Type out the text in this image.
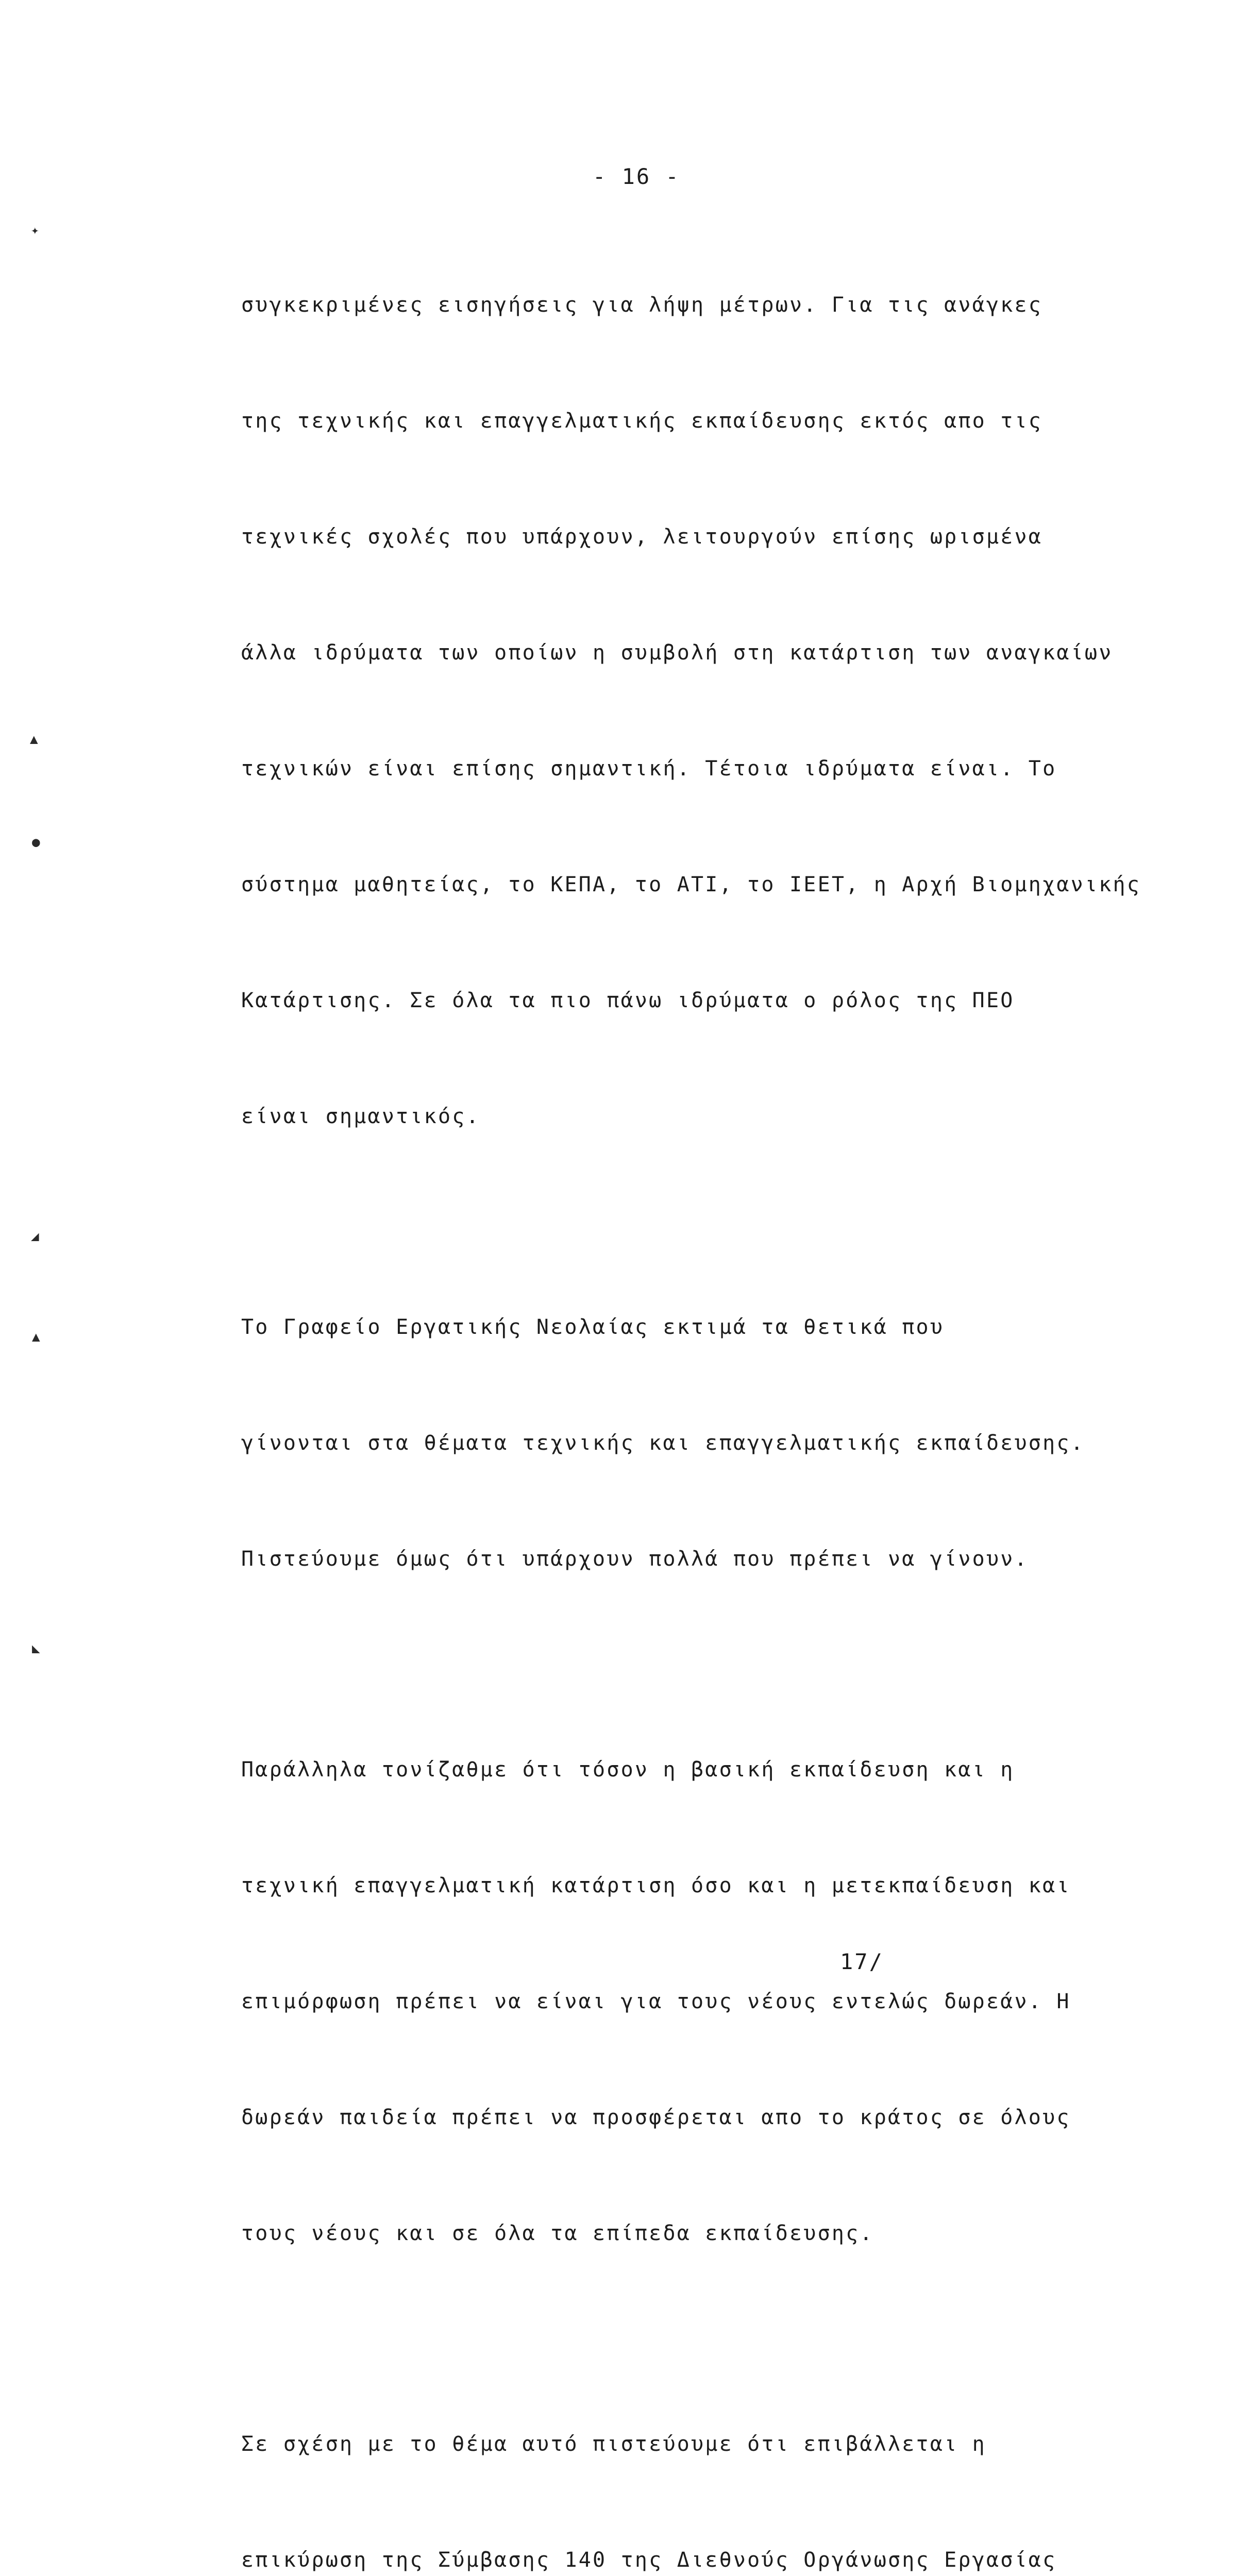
- 16 -
✦
▲
●
◢
▲
◣

συγκεκριμένες εισηγήσεις για λήψη μέτρων. Για τις ανάγκες

της τεχνικής και επαγγελματικής εκπαίδευσης εκτός απο τις

τεχνικές σχολές που υπάρχουν, λειτουργούν επίσης ωρισμένα

άλλα ιδρύματα των οποίων η συμβολή στη κατάρτιση των αναγκαίων

τεχνικών είναι επίσης σημαντική. Τέτοια ιδρύματα είναι. Το

σύστημα μαθητείας, το ΚΕΠΑ, το ΑΤΙ, το ΙΕΕΤ, η Αρχή Βιομηχανικής

Κατάρτισης. Σε όλα τα πιο πάνω ιδρύματα ο ρόλος της ΠΕΟ

είναι σημαντικός.

Το Γραφείο Εργατικής Νεολαίας εκτιμά τα θετικά που

γίνονται στα θέματα τεχνικής και επαγγελματικής εκπαίδευσης.

Πιστεύουμε όμως ότι υπάρχουν πολλά που πρέπει να γίνουν.

Παράλληλα τονίζαθμε ότι τόσον η βασική εκπαίδευση και η

τεχνική επαγγελματική κατάρτιση όσο και η μετεκπαίδευση και

επιμόρφωση πρέπει να είναι για τους νέους εντελώς δωρεάν. Η

δωρεάν παιδεία πρέπει να προσφέρεται απο το κράτος σε όλους

τους νέους και σε όλα τα επίπεδα εκπαίδευσης.

Σε σχέση με το θέμα αυτό πιστεύουμε ότι επιβάλλεται η

επικύρωση της Σύμβασης 140 της Διεθνούς Οργάνωσης Εργασίας

17/
